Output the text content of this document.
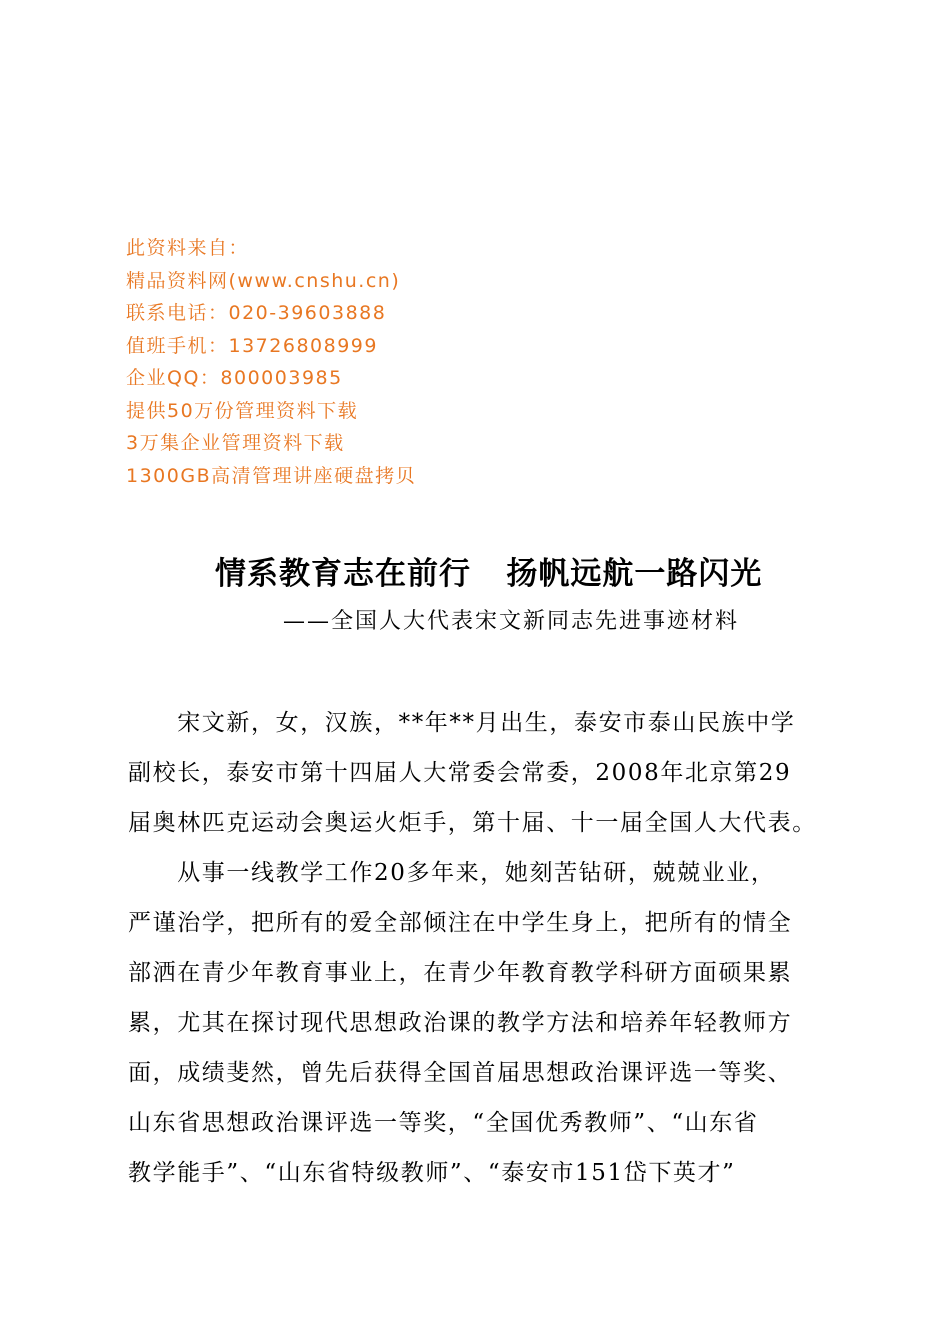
此资料来自：
精品资料网(www.cnshu.cn)
联系电话：020-39603888
值班手机：13726808999
企业QQ：800003985
提供50万份管理资料下载
3万集企业管理资料下载
1300GB高清管理讲座硬盘拷贝
情系教育志在前行   扬帆远航一路闪光
——全国人大代表宋文新同志先进事迹材料
　　宋文新，女，汉族，**年**月出生，泰安市泰山民族中学
副校长，泰安市第十四届人大常委会常委，2008年北京第29
届奥林匹克运动会奥运火炬手，第十届、十一届全国人大代表。
　　从事一线教学工作20多年来，她刻苦钻研，兢兢业业，
严谨治学，把所有的爱全部倾注在中学生身上，把所有的情全
部洒在青少年教育事业上，在青少年教育教学科研方面硕果累
累，尤其在探讨现代思想政治课的教学方法和培养年轻教师方
面，成绩斐然，曾先后获得全国首届思想政治课评选一等奖、
山东省思想政治课评选一等奖，“全国优秀教师”、“山东省
教学能手”、“山东省特级教师”、“泰安市151岱下英才”
